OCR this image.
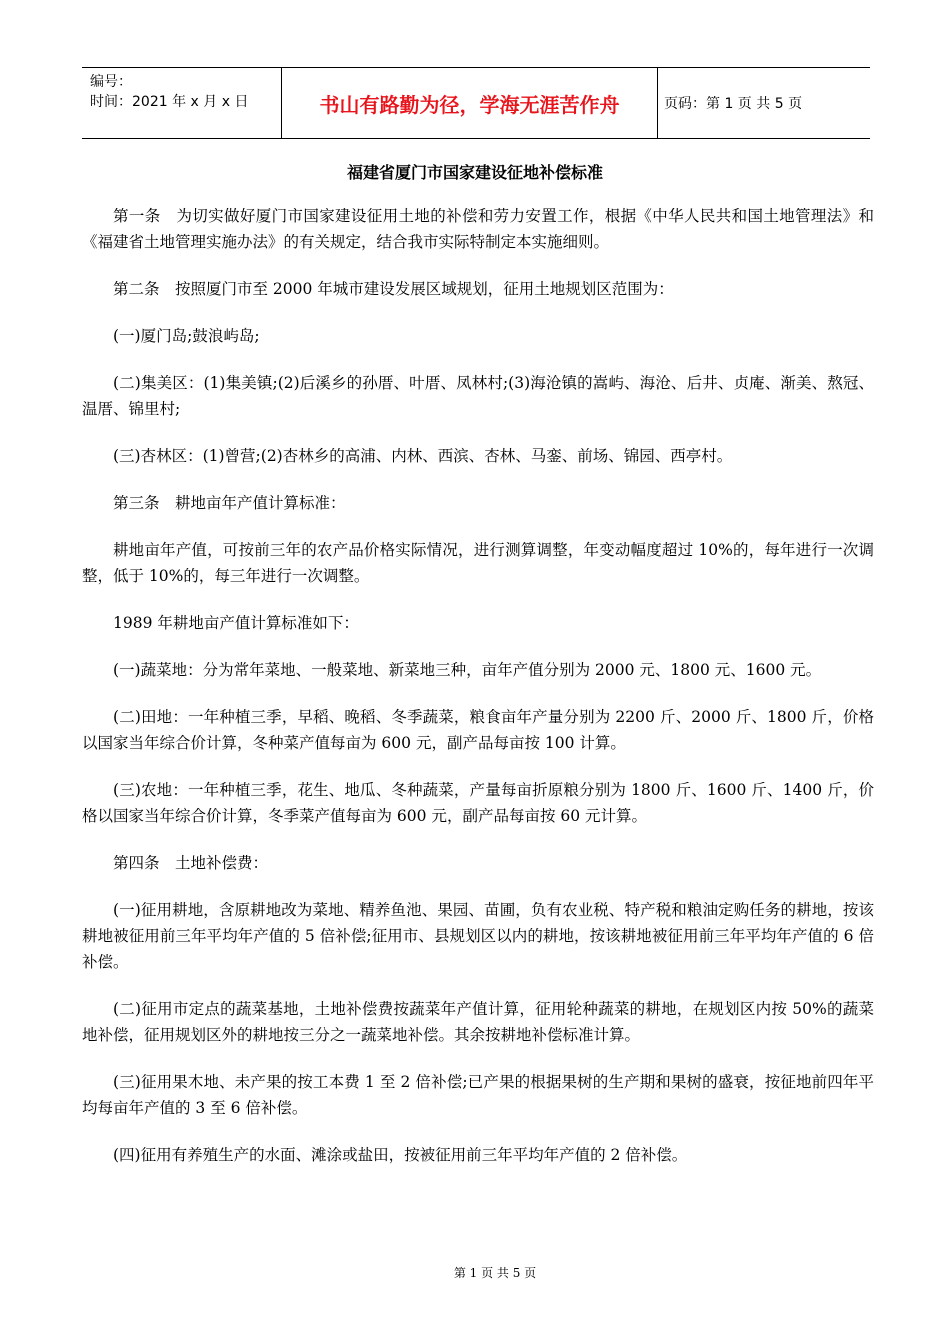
编号：
时间：2021 年 x 月 x 日	书山有路勤为径，学海无涯苦作舟	页码：第 1 页 共 5 页
福建省厦门市国家建设征地补偿标准

第一条　为切实做好厦门市国家建设征用土地的补偿和劳力安置工作，根据《中华人民共和国土地管理法》和《福建省土地管理实施办法》的有关规定，结合我市实际特制定本实施细则。

第二条　按照厦门市至 2000 年城市建设发展区域规划，征用土地规划区范围为：

(一)厦门岛;鼓浪屿岛;

(二)集美区：(1)集美镇;(2)后溪乡的孙厝、叶厝、凤林村;(3)海沧镇的嵩屿、海沧、后井、贞庵、渐美、熬冠、温厝、锦里村;

(三)杏林区：(1)曾营;(2)杏林乡的高浦、内林、西滨、杏林、马銮、前场、锦园、西亭村。

第三条　耕地亩年产值计算标准：

耕地亩年产值，可按前三年的农产品价格实际情况，进行测算调整，年变动幅度超过 10%的，每年进行一次调整，低于 10%的，每三年进行一次调整。

1989 年耕地亩产值计算标准如下：

(一)蔬菜地：分为常年菜地、一般菜地、新菜地三种，亩年产值分别为 2000 元、1800 元、1600 元。

(二)田地：一年种植三季，早稻、晚稻、冬季蔬菜，粮食亩年产量分别为 2200 斤、2000 斤、1800 斤，价格以国家当年综合价计算，冬种菜产值每亩为 600 元，副产品每亩按 100 计算。

(三)农地：一年种植三季，花生、地瓜、冬种蔬菜，产量每亩折原粮分别为 1800 斤、1600 斤、1400 斤，价格以国家当年综合价计算，冬季菜产值每亩为 600 元，副产品每亩按 60 元计算。

第四条　土地补偿费：

(一)征用耕地，含原耕地改为菜地、精养鱼池、果园、苗圃，负有农业税、特产税和粮油定购任务的耕地，按该耕地被征用前三年平均年产值的 5 倍补偿;征用市、县规划区以内的耕地，按该耕地被征用前三年平均年产值的 6 倍补偿。

(二)征用市定点的蔬菜基地，土地补偿费按蔬菜年产值计算，征用轮种蔬菜的耕地，在规划区内按 50%的蔬菜地补偿，征用规划区外的耕地按三分之一蔬菜地补偿。其余按耕地补偿标准计算。

(三)征用果木地、未产果的按工本费 1 至 2 倍补偿;已产果的根据果树的生产期和果树的盛衰，按征地前四年平均每亩年产值的 3 至 6 倍补偿。

(四)征用有养殖生产的水面、滩涂或盐田，按被征用前三年平均年产值的 2 倍补偿。

第 1 页 共 5 页
